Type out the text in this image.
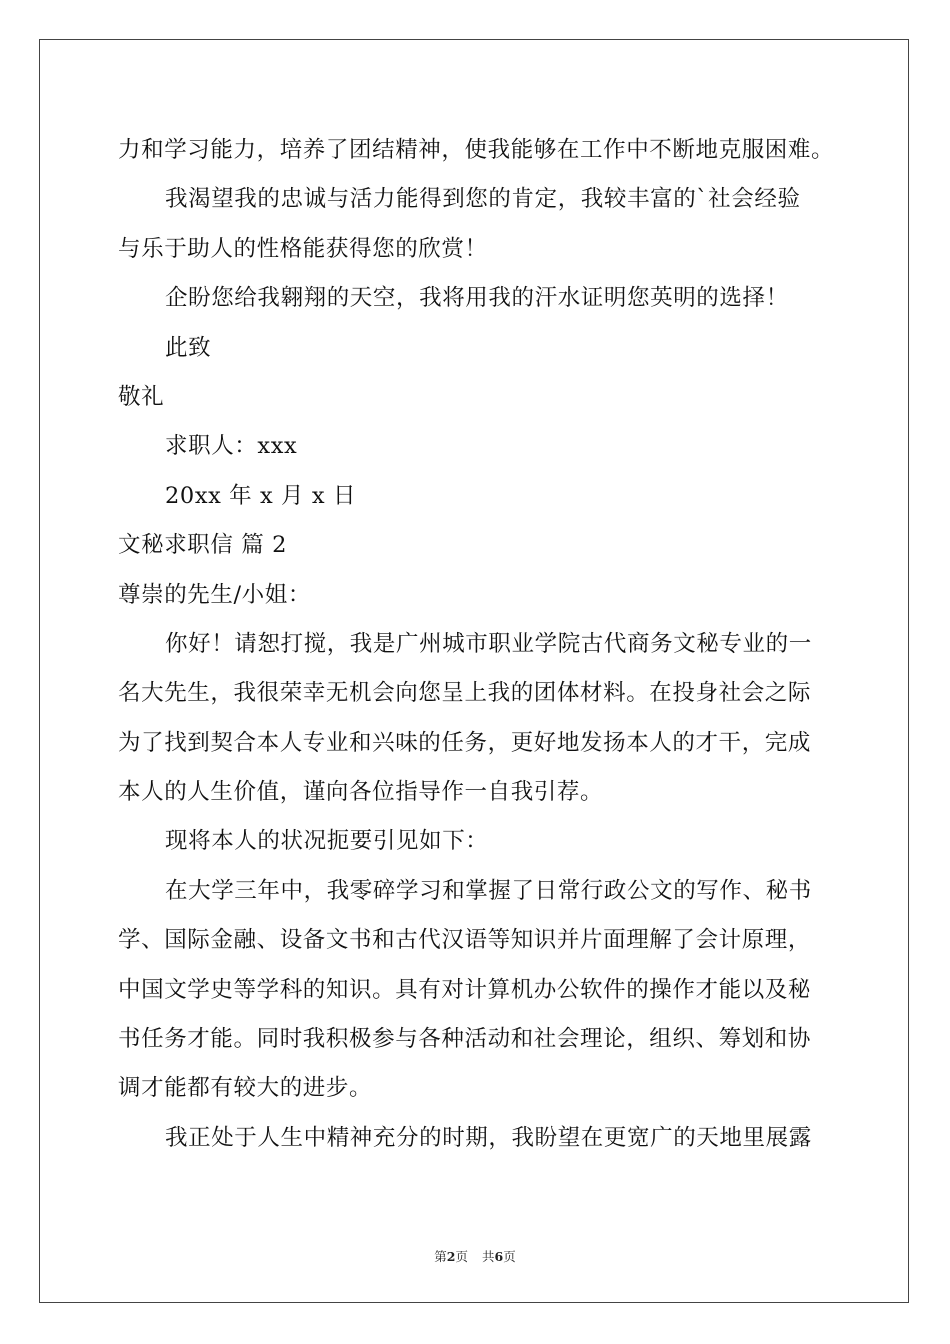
力和学习能力，培养了团结精神，使我能够在工作中不断地克服困难。
我渴望我的忠诚与活力能得到您的肯定，我较丰富的`社会经验
与乐于助人的性格能获得您的欣赏！
企盼您给我翱翔的天空，我将用我的汗水证明您英明的选择！
此致
敬礼
求职人：xxx
20xx 年 x 月 x 日
文秘求职信 篇 2
尊崇的先生/小姐：
你好！请恕打搅，我是广州城市职业学院古代商务文秘专业的一
名大先生，我很荣幸无机会向您呈上我的团体材料。在投身社会之际
为了找到契合本人专业和兴味的任务，更好地发扬本人的才干，完成
本人的人生价值，谨向各位指导作一自我引荐。
现将本人的状况扼要引见如下：
在大学三年中，我零碎学习和掌握了日常行政公文的写作、秘书
学、国际金融、设备文书和古代汉语等知识并片面理解了会计原理，
中国文学史等学科的知识。具有对计算机办公软件的操作才能以及秘
书任务才能。同时我积极参与各种活动和社会理论，组织、筹划和协
调才能都有较大的进步。
我正处于人生中精神充分的时期，我盼望在更宽广的天地里展露
第2页 共6页
